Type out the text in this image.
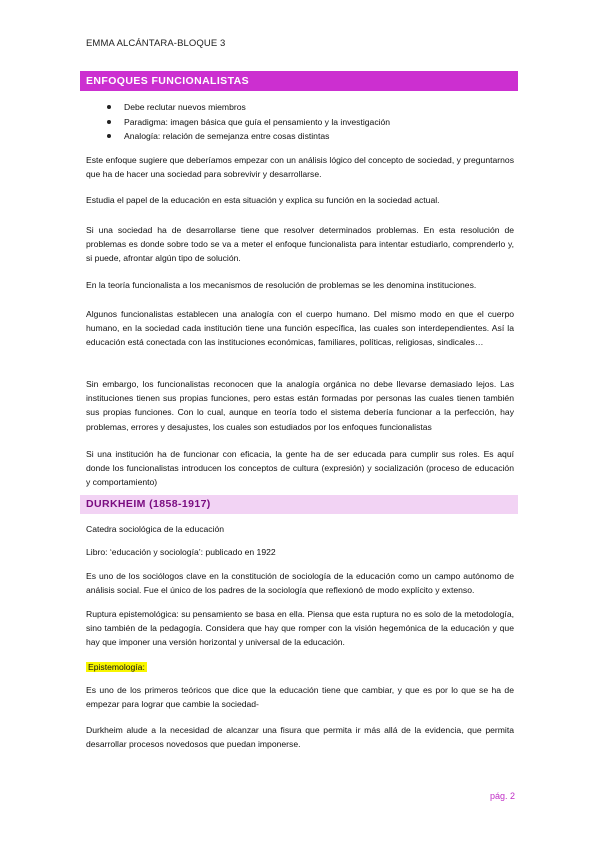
EMMA ALCÁNTARA-BLOQUE 3
ENFOQUES FUNCIONALISTAS
Debe reclutar nuevos miembros
Paradigma: imagen básica que guía el pensamiento y la investigación
Analogía: relación de semejanza entre cosas distintas

Este enfoque sugiere que deberíamos empezar con un análisis lógico del concepto de sociedad, y preguntarnos que ha de hacer una sociedad para sobrevivir y desarrollarse.

Estudia el papel de la educación en esta situación y explica su función en la sociedad actual.

Si una sociedad ha de desarrollarse tiene que resolver determinados problemas. En esta resolución de problemas es donde sobre todo se va a meter el enfoque funcionalista para intentar estudiarlo, comprenderlo y, si puede, afrontar algún tipo de solución.

En la teoría funcionalista a los mecanismos de resolución de problemas se les denomina instituciones.

Algunos funcionalistas establecen una analogía con el cuerpo humano. Del mismo modo en que el cuerpo humano, en la sociedad cada institución tiene una función específica, las cuales son interdependientes. Así la educación está conectada con las instituciones económicas, familiares, políticas, religiosas, sindicales…

Sin embargo, los funcionalistas reconocen que la analogía orgánica no debe llevarse demasiado lejos. Las instituciones tienen sus propias funciones, pero estas están formadas por personas las cuales tienen también sus propias funciones. Con lo cual, aunque en teoría todo el sistema debería funcionar a la perfección, hay problemas, errores y desajustes, los cuales son estudiados por los enfoques funcionalistas

Si una institución ha de funcionar con eficacia, la gente ha de ser educada para cumplir sus roles. Es aquí donde los funcionalistas introducen los conceptos de cultura (expresión) y socialización (proceso de educación y comportamiento)

DURKHEIM (1858-1917)

Catedra sociológica de la educación

Libro: ‘educación y sociología’: publicado en 1922

Es uno de los sociólogos clave en la constitución de sociología de la educación como un campo autónomo de análisis social. Fue el único de los padres de la sociología que reflexionó de modo explícito y extenso.

Ruptura epistemológica: su pensamiento se basa en ella. Piensa que esta ruptura no es solo de la metodología, sino también de la pedagogía. Considera que hay que romper con la visión hegemónica de la educación y que hay que imponer una versión horizontal y universal de la educación.

Epistemología:

Es uno de los primeros teóricos que dice que la educación tiene que cambiar, y que es por lo que se ha de empezar para lograr que cambie la sociedad-

Durkheim alude a la necesidad de alcanzar una fisura que permita ir más allá de la evidencia, que permita desarrollar procesos novedosos que puedan imponerse.

pág. 2
